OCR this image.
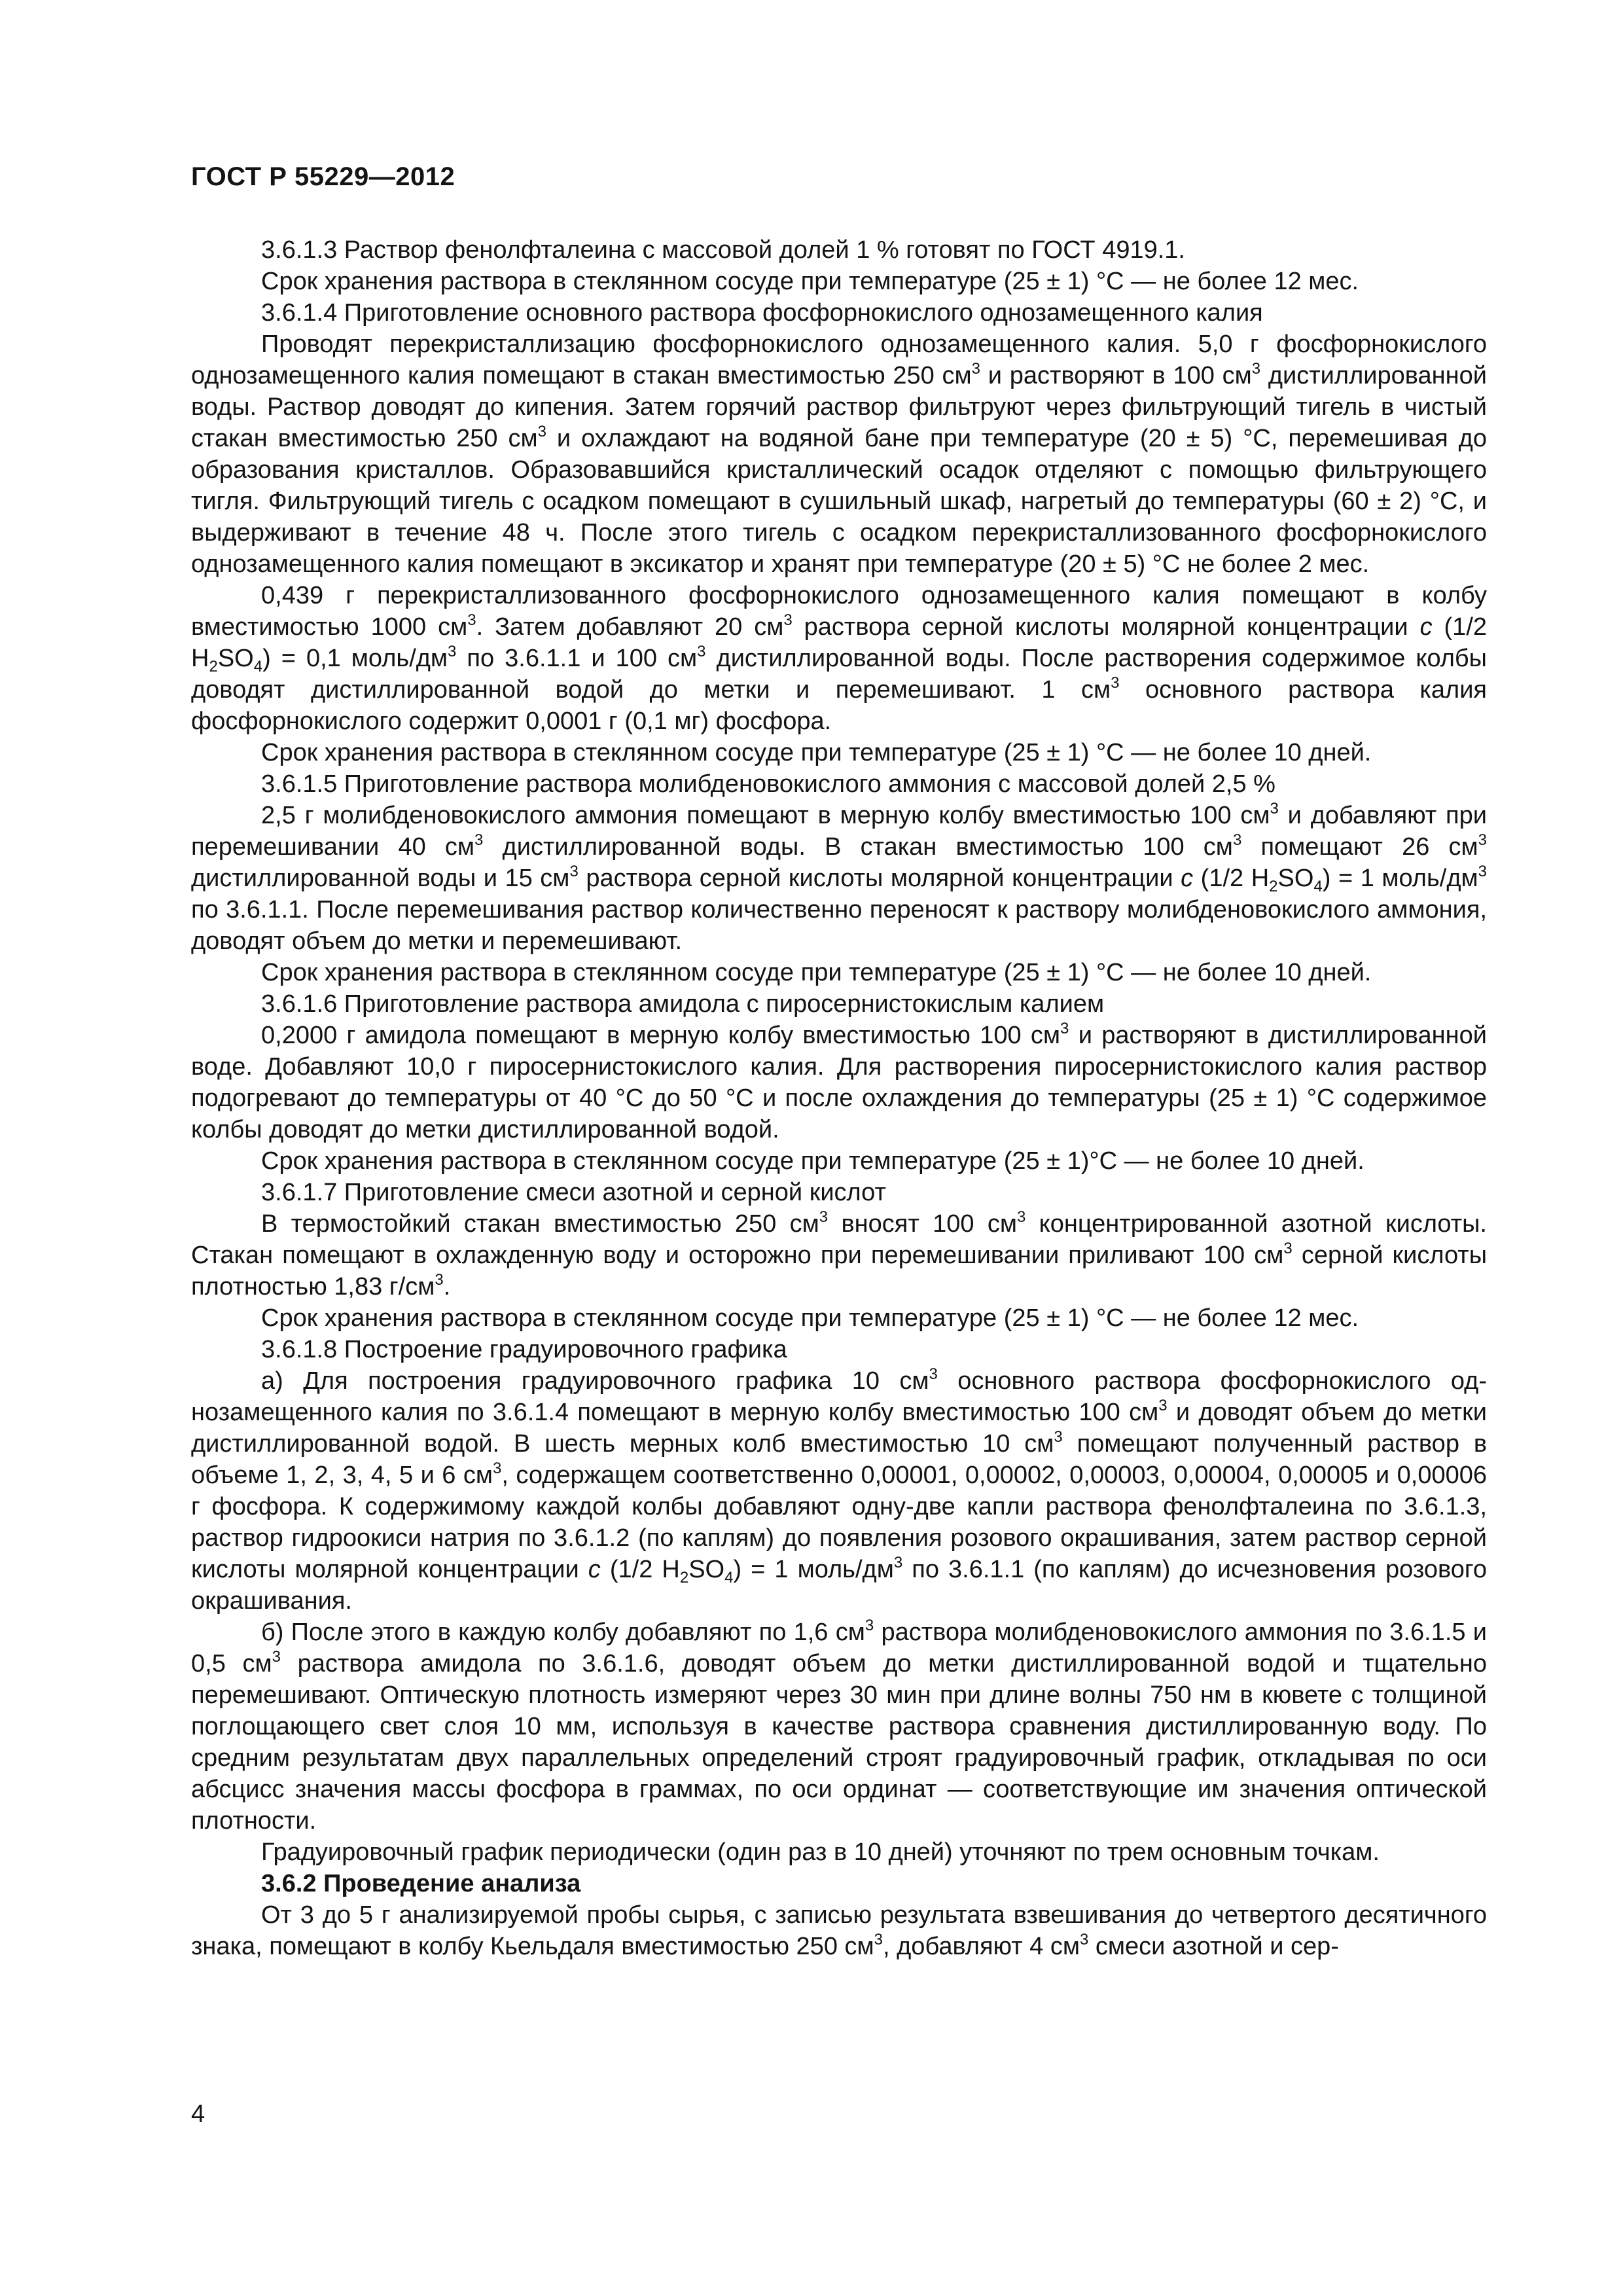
ГОСТ Р 55229—2012

3.6.1.3 Раствор фенолфталеина с массовой долей 1 % готовят по ГОСТ 4919.1.

Срок хранения раствора в стеклянном сосуде при температуре (25 ± 1) °С — не более 12 мес.

3.6.1.4 Приготовление основного раствора фосфорнокислого однозамещенного калия

Проводят перекристаллизацию фосфорнокислого однозамещенного калия. 5,0 г фосфорнокислого однозамещенного калия помещают в стакан вместимостью 250 $см^3$ и растворяют в 100 $см^3$ дистиллированной воды. Раствор доводят до кипения. Затем горячий раствор фильтруют через фильтрующий тигель в чистый стакан вместимостью 250 $см^3$ и охлаждают на водяной бане при температуре (20 ± 5) °С, перемешивая до образования кристаллов. Образовавшийся кристаллический осадок отделяют с помощью фильтрующего тигля. Фильтрующий тигель с осадком помещают в сушильный шкаф, нагретый до температуры (60 ± 2) °С, и выдерживают в течение 48 ч. После этого тигель с осадком перекристаллизованного фосфорнокислого однозамещенного калия помещают в эксикатор и хранят при температуре (20 ± 5) °С не более 2 мес.

0,439 г перекристаллизованного фосфорнокислого однозамещенного калия помещают в колбу вместимостью 1000 $см^3$. Затем добавляют 20 $см^3$ раствора серной кислоты молярной концентрации с (1/2 $H_2SO_4) = 0,1$ моль/$дм^3$ по 3.6.1.1 и 100 $см^3$ дистиллированной воды. После растворения содержимое колбы доводят дистиллированной водой до метки и перемешивают. 1 $см^3$ основного раствора калия фосфорнокислого содержит 0,0001 г (0,1 мг) фосфора.

Срок хранения раствора в стеклянном сосуде при температуре (25 ± 1) °С — не более 10 дней.

3.6.1.5 Приготовление раствора молибденовокислого аммония с массовой долей 2,5 %

2,5 г молибденовокислого аммония помещают в мерную колбу вместимостью 100 $см^3$ и добавляют при перемешивании 40 $см^3$ дистиллированной воды. В стакан вместимостью 100 $см^3$ помещают 26 $см^3$ дистиллированной воды и 15 $см^3$ раствора серной кислоты молярной концентрации с (1/2 $H_2SO_4) = 1$ моль/$дм^3$ по 3.6.1.1. После перемешивания раствор количественно переносят к раствору молибденовокислого аммония, доводят объем до метки и перемешивают.

Срок хранения раствора в стеклянном сосуде при температуре (25 ± 1) °С — не более 10 дней.

3.6.1.6 Приготовление раствора амидола с пиросернистокислым калием

0,2000 г амидола помещают в мерную колбу вместимостью 100 $см^3$ и растворяют в дистиллированной воде. Добавляют 10,0 г пиросернистокислого калия. Для растворения пиросернистокислого калия раствор подогревают до температуры от 40 °С до 50 °С и после охлаждения до температуры (25 ± 1) °С содержимое колбы доводят до метки дистиллированной водой.

Срок хранения раствора в стеклянном сосуде при температуре (25 ± 1)°С — не более 10 дней.

3.6.1.7 Приготовление смеси азотной и серной кислот

В термостойкий стакан вместимостью 250 $см^3$ вносят 100 $см^3$ концентрированной азотной кислоты. Стакан помещают в охлажденную воду и осторожно при перемешивании приливают 100 $см^3$ серной кислоты плотностью 1,83 $г/см^3$.

Срок хранения раствора в стеклянном сосуде при температуре (25 ± 1) °С — не более 12 мес.

3.6.1.8 Построение градуировочного графика

а) Для построения градуировочного графика 10 $см^3$ основного раствора фосфорнокислого однозамещенного калия по 3.6.1.4 помещают в мерную колбу вместимостью 100 $см^3$ и доводят объем до метки дистиллированной водой. В шесть мерных колб вместимостью 10 $см^3$ помещают полученный раствор в объеме 1, 2, 3, 4, 5 и 6 $см^3$, содержащем соответственно 0,00001, 0,00002, 0,00003, 0,00004, 0,00005 и 0,00006 г фосфора. К содержимому каждой колбы добавляют одну-две капли раствора фенолфталеина по 3.6.1.3, раствор гидроокиси натрия по 3.6.1.2 (по каплям) до появления розового окрашивания, затем раствор серной кислоты молярной концентрации с (1/2 $H_2SO_4) = 1$ моль/$дм^3$ по 3.6.1.1 (по каплям) до исчезновения розового окрашивания.

б) После этого в каждую колбу добавляют по 1,6 $см^3$ раствора молибденовокислого аммония по 3.6.1.5 и 0,5 $см^3$ раствора амидола по 3.6.1.6, доводят объем до метки дистиллированной водой и тщательно перемешивают. Оптическую плотность измеряют через 30 мин при длине волны 750 нм в кювете с толщиной поглощающего свет слоя 10 мм, используя в качестве раствора сравнения дистиллированную воду. По средним результатам двух параллельных определений строят градуировочный график, откладывая по оси абсцисс значения массы фосфора в граммах, по оси ординат — соответствующие им значения оптической плотности.

Градуировочный график периодически (один раз в 10 дней) уточняют по трем основным точкам.

3.6.2 Проведение анализа

От 3 до 5 г анализируемой пробы сырья, с записью результата взвешивания до четвертого десятичного знака, помещают в колбу Кьельдаля вместимостью 250 $см^3$, добавляют 4 $см^3$ смеси азотной и сер-

4
